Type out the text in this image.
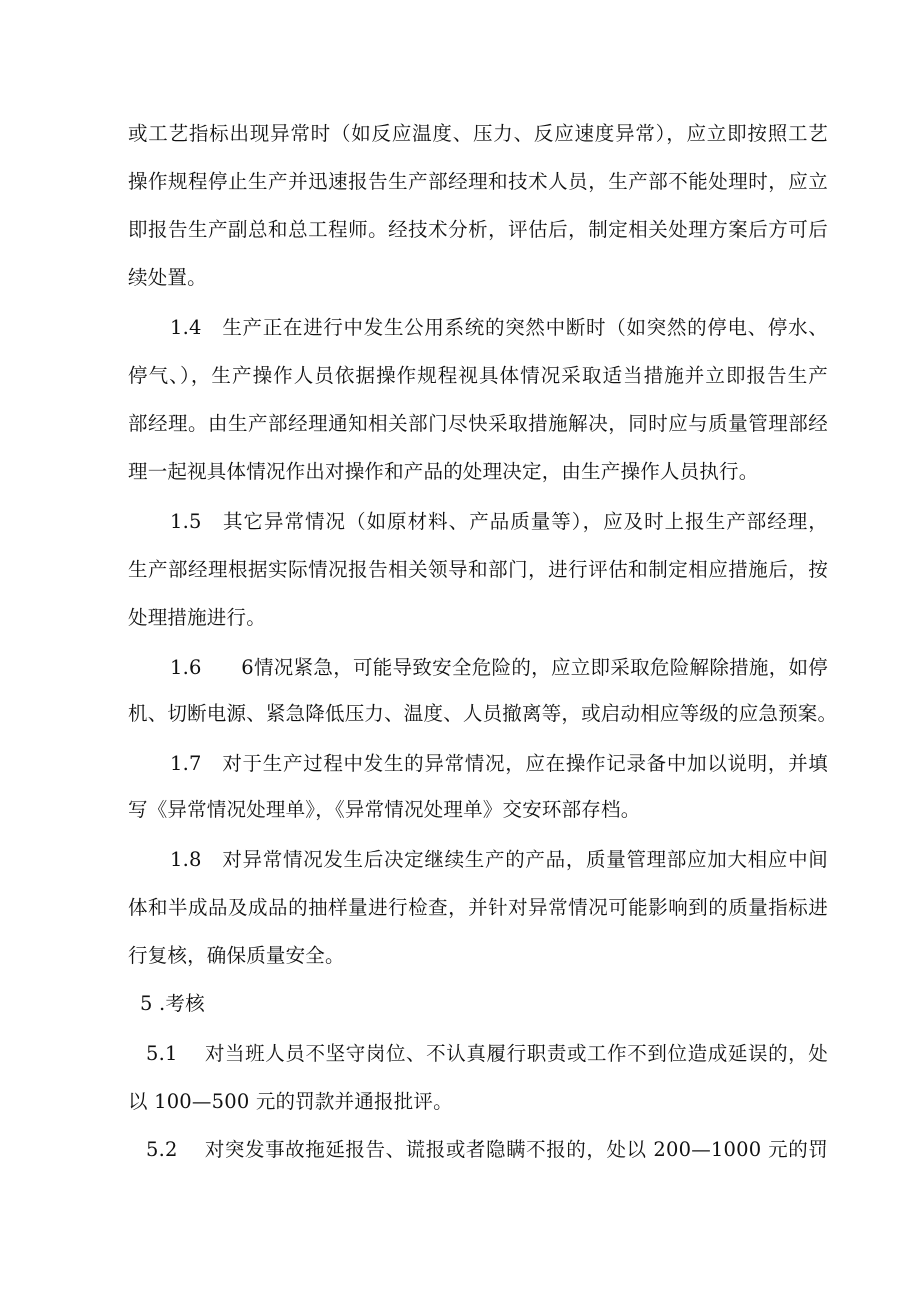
或工艺指标出现异常时（如反应温度、压力、反应速度异常），应立即按照工艺
操作规程停止生产并迅速报告生产部经理和技术人员，生产部不能处理时，应立
即报告生产副总和总工程师。经技术分析，评估后，制定相关处理方案后方可后
续处置。
1.4　生产正在进行中发生公用系统的突然中断时（如突然的停电、停水、
停气、），生产操作人员依据操作规程视具体情况采取适当措施并立即报告生产
部经理。由生产部经理通知相关部门尽快采取措施解决，同时应与质量管理部经
理一起视具体情况作出对操作和产品的处理决定，由生产操作人员执行。
1.5　其它异常情况（如原材料、产品质量等），应及时上报生产部经理，
生产部经理根据实际情况报告相关领导和部门，进行评估和制定相应措施后，按
处理措施进行。
1.6　　6情况紧急，可能导致安全危险的，应立即采取危险解除措施，如停
机、切断电源、紧急降低压力、温度、人员撤离等，或启动相应等级的应急预案。
1.7　对于生产过程中发生的异常情况，应在操作记录备中加以说明，并填
写《异常情况处理单》，《异常情况处理单》交安环部存档。
1.8　对异常情况发生后决定继续生产的产品，质量管理部应加大相应中间
体和半成品及成品的抽样量进行检查，并针对异常情况可能影响到的质量指标进
行复核，确保质量安全。
5 .考核
5.1　 对当班人员不坚守岗位、不认真履行职责或工作不到位造成延误的，处
以 100—500 元的罚款并通报批评。
5.2　 对突发事故拖延报告、谎报或者隐瞒不报的，处以 200—1000 元的罚
